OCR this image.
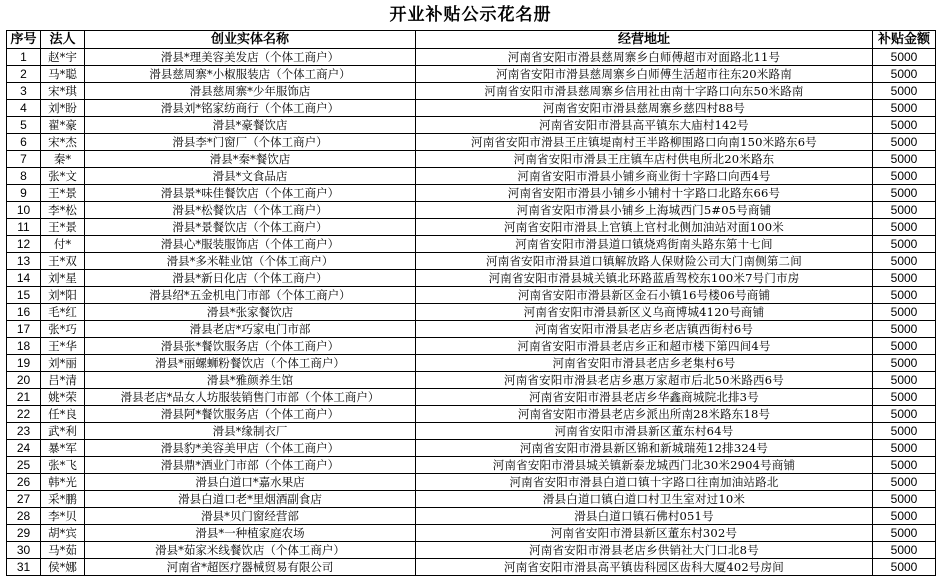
开业补贴公示花名册
序号	法人	创业实体名称	经营地址	补贴金额
1	赵*宇	滑县*理美容美发店（个体工商户）	河南省安阳市滑县慈周寨乡白师傅超市对面路北11号	5000
2	马*聪	滑县慈周寨*小椒服装店（个体工商户）	河南省安阳市滑县慈周寨乡白师傅生活超市往东20米路南	5000
3	宋*琪	滑县慈周寨*少年服饰店	河南省安阳市滑县慈周寨乡信用社由南十字路口向东50米路南	5000
4	刘*盼	滑县刘*铭家纺商行（个体工商户）	河南省安阳市滑县慈周寨乡慈四村88号	5000
5	翟*豪	滑县*豪餐饮店	河南省安阳市滑县高平镇东大庙村142号	5000
6	宋*杰	滑县李*门窗厂（个体工商户）	河南省安阳市滑县王庄镇堤南村王半路柳围路口向南150米路东6号	5000
7	秦*	滑县*秦*餐饮店	河南省安阳市滑县王庄镇车店村供电所北20米路东	5000
8	张*文	滑县*文食品店	河南省安阳市滑县小铺乡商业街十字路口向西4号	5000
9	王*景	滑县景*味佳餐饮店（个体工商户）	河南省安阳市滑县小铺乡小铺村十字路口北路东66号	5000
10	李*松	滑县*松餐饮店（个体工商户）	河南省安阳市滑县小铺乡上海城西门5#05号商铺	5000
11	王*景	滑县*景餐饮店（个体工商户）	河南省安阳市滑县上官镇上官村北侧加油站对面100米	5000
12	付*	滑县心*服装服饰店（个体工商户）	河南省安阳市滑县道口镇烧鸡街南头路东第十七间	5000
13	王*双	滑县*多米鞋业馆（个体工商户）	河南省安阳市滑县道口镇解放路人保财险公司大门南侧第二间	5000
14	刘*星	滑县*新日化店（个体工商户）	河南省安阳市滑县城关镇北环路蓝盾驾校东100米7号门市房	5000
15	刘*阳	滑县绍*五金机电门市部（个体工商户）	河南省安阳市滑县新区金石小镇16号楼06号商铺	5000
16	毛*红	滑县*张家餐饮店	河南省安阳市滑县新区义乌商博城4120号商铺	5000
17	张*巧	滑县老店*巧家电门市部	河南省安阳市滑县老店乡老店镇西街村6号	5000
18	王*华	滑县张*餐饮服务店（个体工商户）	河南省安阳市滑县老店乡正和超市楼下第四间4号	5000
19	刘*丽	滑县*丽螺蛳粉餐饮店（个体工商户）	河南省安阳市滑县老店乡老集村6号	5000
20	吕*清	滑县*雅颜养生馆	河南省安阳市滑县老店乡惠万家超市后北50米路西6号	5000
21	姚*荣	滑县老店*品女人坊服装销售门市部（个体工商户）	河南省安阳市滑县老店乡华鑫商城院北排3号	5000
22	任*良	滑县阿*餐饮服务店（个体工商户）	河南省安阳市滑县老店乡派出所南28米路东18号	5000
23	武*利	滑县*缘制衣厂	河南省安阳市滑县新区董东村64号	5000
24	暴*军	滑县豹*美容美甲店（个体工商户）	河南省安阳市滑县新区锦和新城瑞苑12排324号	5000
25	张*飞	滑县鼎*酒业门市部（个体工商户）	河南省安阳市滑县城关镇新泰龙城西门北30米2904号商铺	5000
26	韩*光	滑县白道口*嘉水果店	河南省安阳市滑县白道口镇十字路口往南加油站路北	5000
27	采*鹏	滑县白道口老*里烟酒副食店	滑县白道口镇白道口村卫生室对过10米	5000
28	李*贝	滑县*贝门窗经营部	滑县白道口镇石佛村051号	5000
29	胡*宾	滑县*一种植家庭农场	河南省安阳市滑县新区董东村302号	5000
30	马*茹	滑县*茹家米线餐饮店（个体工商户）	河南省安阳市滑县老店乡供销社大门口北8号	5000
31	侯*娜	河南省*超医疗器械贸易有限公司	河南省安阳市滑县高平镇齿科园区齿科大厦402号房间	5000
